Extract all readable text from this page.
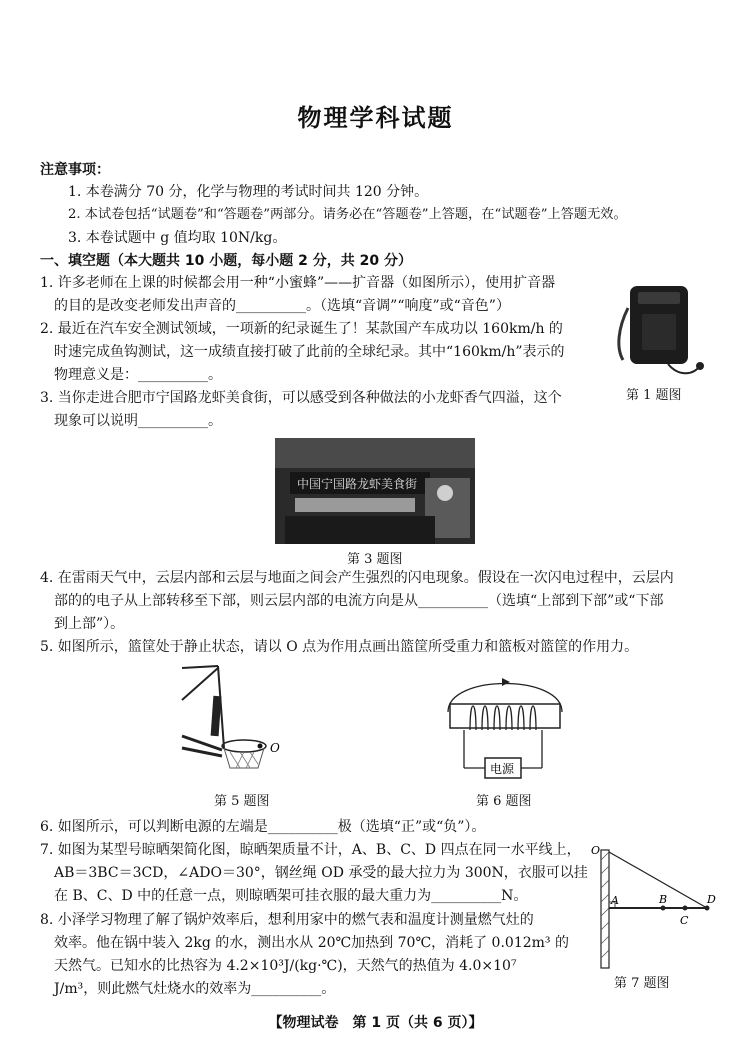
物理学科试题
注意事项：
1. 本卷满分 70 分，化学与物理的考试时间共 120 分钟。
2. 本试卷包括“试题卷”和“答题卷”两部分。请务必在“答题卷”上答题，在“试题卷”上答题无效。
3. 本卷试题中 g 值均取 10N/kg。
一、填空题（本大题共 10 小题，每小题 2 分，共 20 分）
1. 许多老师在上课的时候都会用一种“小蜜蜂”——扩音器（如图所示），使用扩音器
的目的是改变老师发出声音的__________。（选填“音调”“响度”或“音色”）
2. 最近在汽车安全测试领域，一项新的纪录诞生了！某款国产车成功以 160km/h 的
时速完成鱼钩测试，这一成绩直接打破了此前的全球纪录。其中“160km/h”表示的
物理意义是：__________。
3. 当你走进合肥市宁国路龙虾美食街，可以感受到各种做法的小龙虾香气四溢，这个
现象可以说明__________。
第 1 题图
中国宁国路龙虾美食街
第 3 题图
4. 在雷雨天气中，云层内部和云层与地面之间会产生强烈的闪电现象。假设在一次闪电过程中，云层内
部的的电子从上部转移至下部，则云层内部的电流方向是从__________（选填“上部到下部”或“下部
到上部”）。
5. 如图所示，篮筐处于静止状态，请以 O 点为作用点画出篮筐所受重力和篮板对篮筐的作用力。
O
第 5 题图
电源
第 6 题图
6. 如图所示，可以判断电源的左端是__________极（选填“正”或“负”）。
7. 如图为某型号晾晒架简化图，晾晒架质量不计，A、B、C、D 四点在同一水平线上，
AB＝3BC＝3CD，∠ADO＝30°，钢丝绳 OD 承受的最大拉力为 300N，衣服可以挂
在 B、C、D 中的任意一点，则晾晒架可挂衣服的最大重力为__________N。
8. 小泽学习物理了解了锅炉效率后，想利用家中的燃气表和温度计测量燃气灶的
效率。他在锅中装入 2kg 的水，测出水从 20℃加热到 70℃，消耗了 0.012m³ 的
天然气。已知水的比热容为 4.2×10³J/(kg·℃)，天然气的热值为 4.0×10⁷
J/m³，则此燃气灶烧水的效率为__________。
O
A	B
C
D
第 7 题图
【物理试卷　第 1 页（共 6 页）】
